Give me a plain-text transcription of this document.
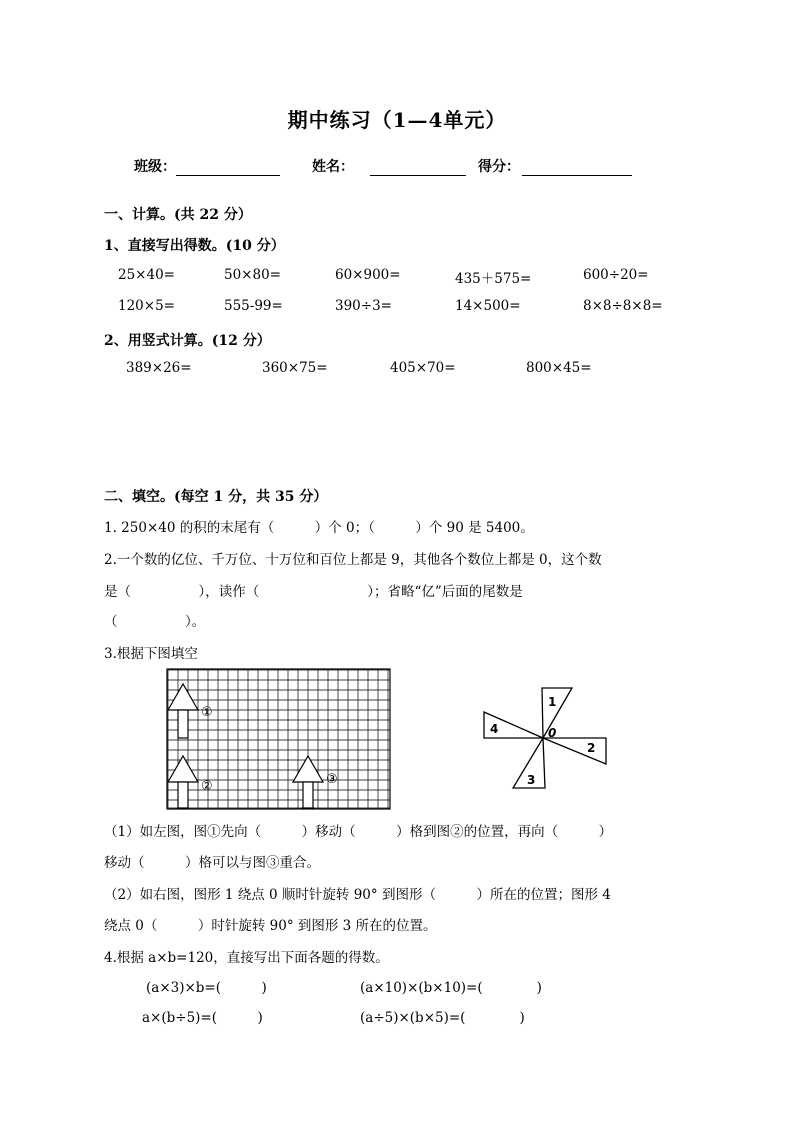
期中练习（1—4单元）
班级：	姓名：	得分：
一、计算。(共 22 分）
1、直接写出得数。(10 分）
25×40=	50×80=	60×900=	435＋575=	600÷20=
120×5=	555-99=	390÷3=	14×500=	8×8÷8×8=
2、用竖式计算。(12 分）
389×26=	360×75=	405×70=	800×45=
二、填空。(每空 1 分，共 35 分）
1. 250×40 的积的末尾有（　　　）个 0；（　　　）个 90 是 5400。
2.一个数的亿位、千万位、十万位和百位上都是 9，其他各个数位上都是 0，这个数
是（　　　　　），读作（　　　　　　　　）；省略“亿”后面的尾数是
（　　　　　）。
3.根据下图填空
①
②	③
1
2
3
4	0
（1）如左图，图①先向（　　　）移动（　　　）格到图②的位置，再向（　　　）
移动（　　　）格可以与图③重合。
（2）如右图，图形 1 绕点 0 顺时针旋转 90° 到图形（　　　）所在的位置；图形 4
绕点 0（　　　）时针旋转 90° 到图形 3 所在的位置。
4.根据 a×b=120，直接写出下面各题的得数。
(a×3)×b=(　　　)	(a×10)×(b×10)=(　　　　)
a×(b÷5)=(　　　)	(a÷5)×(b×5)=(　　　　)
